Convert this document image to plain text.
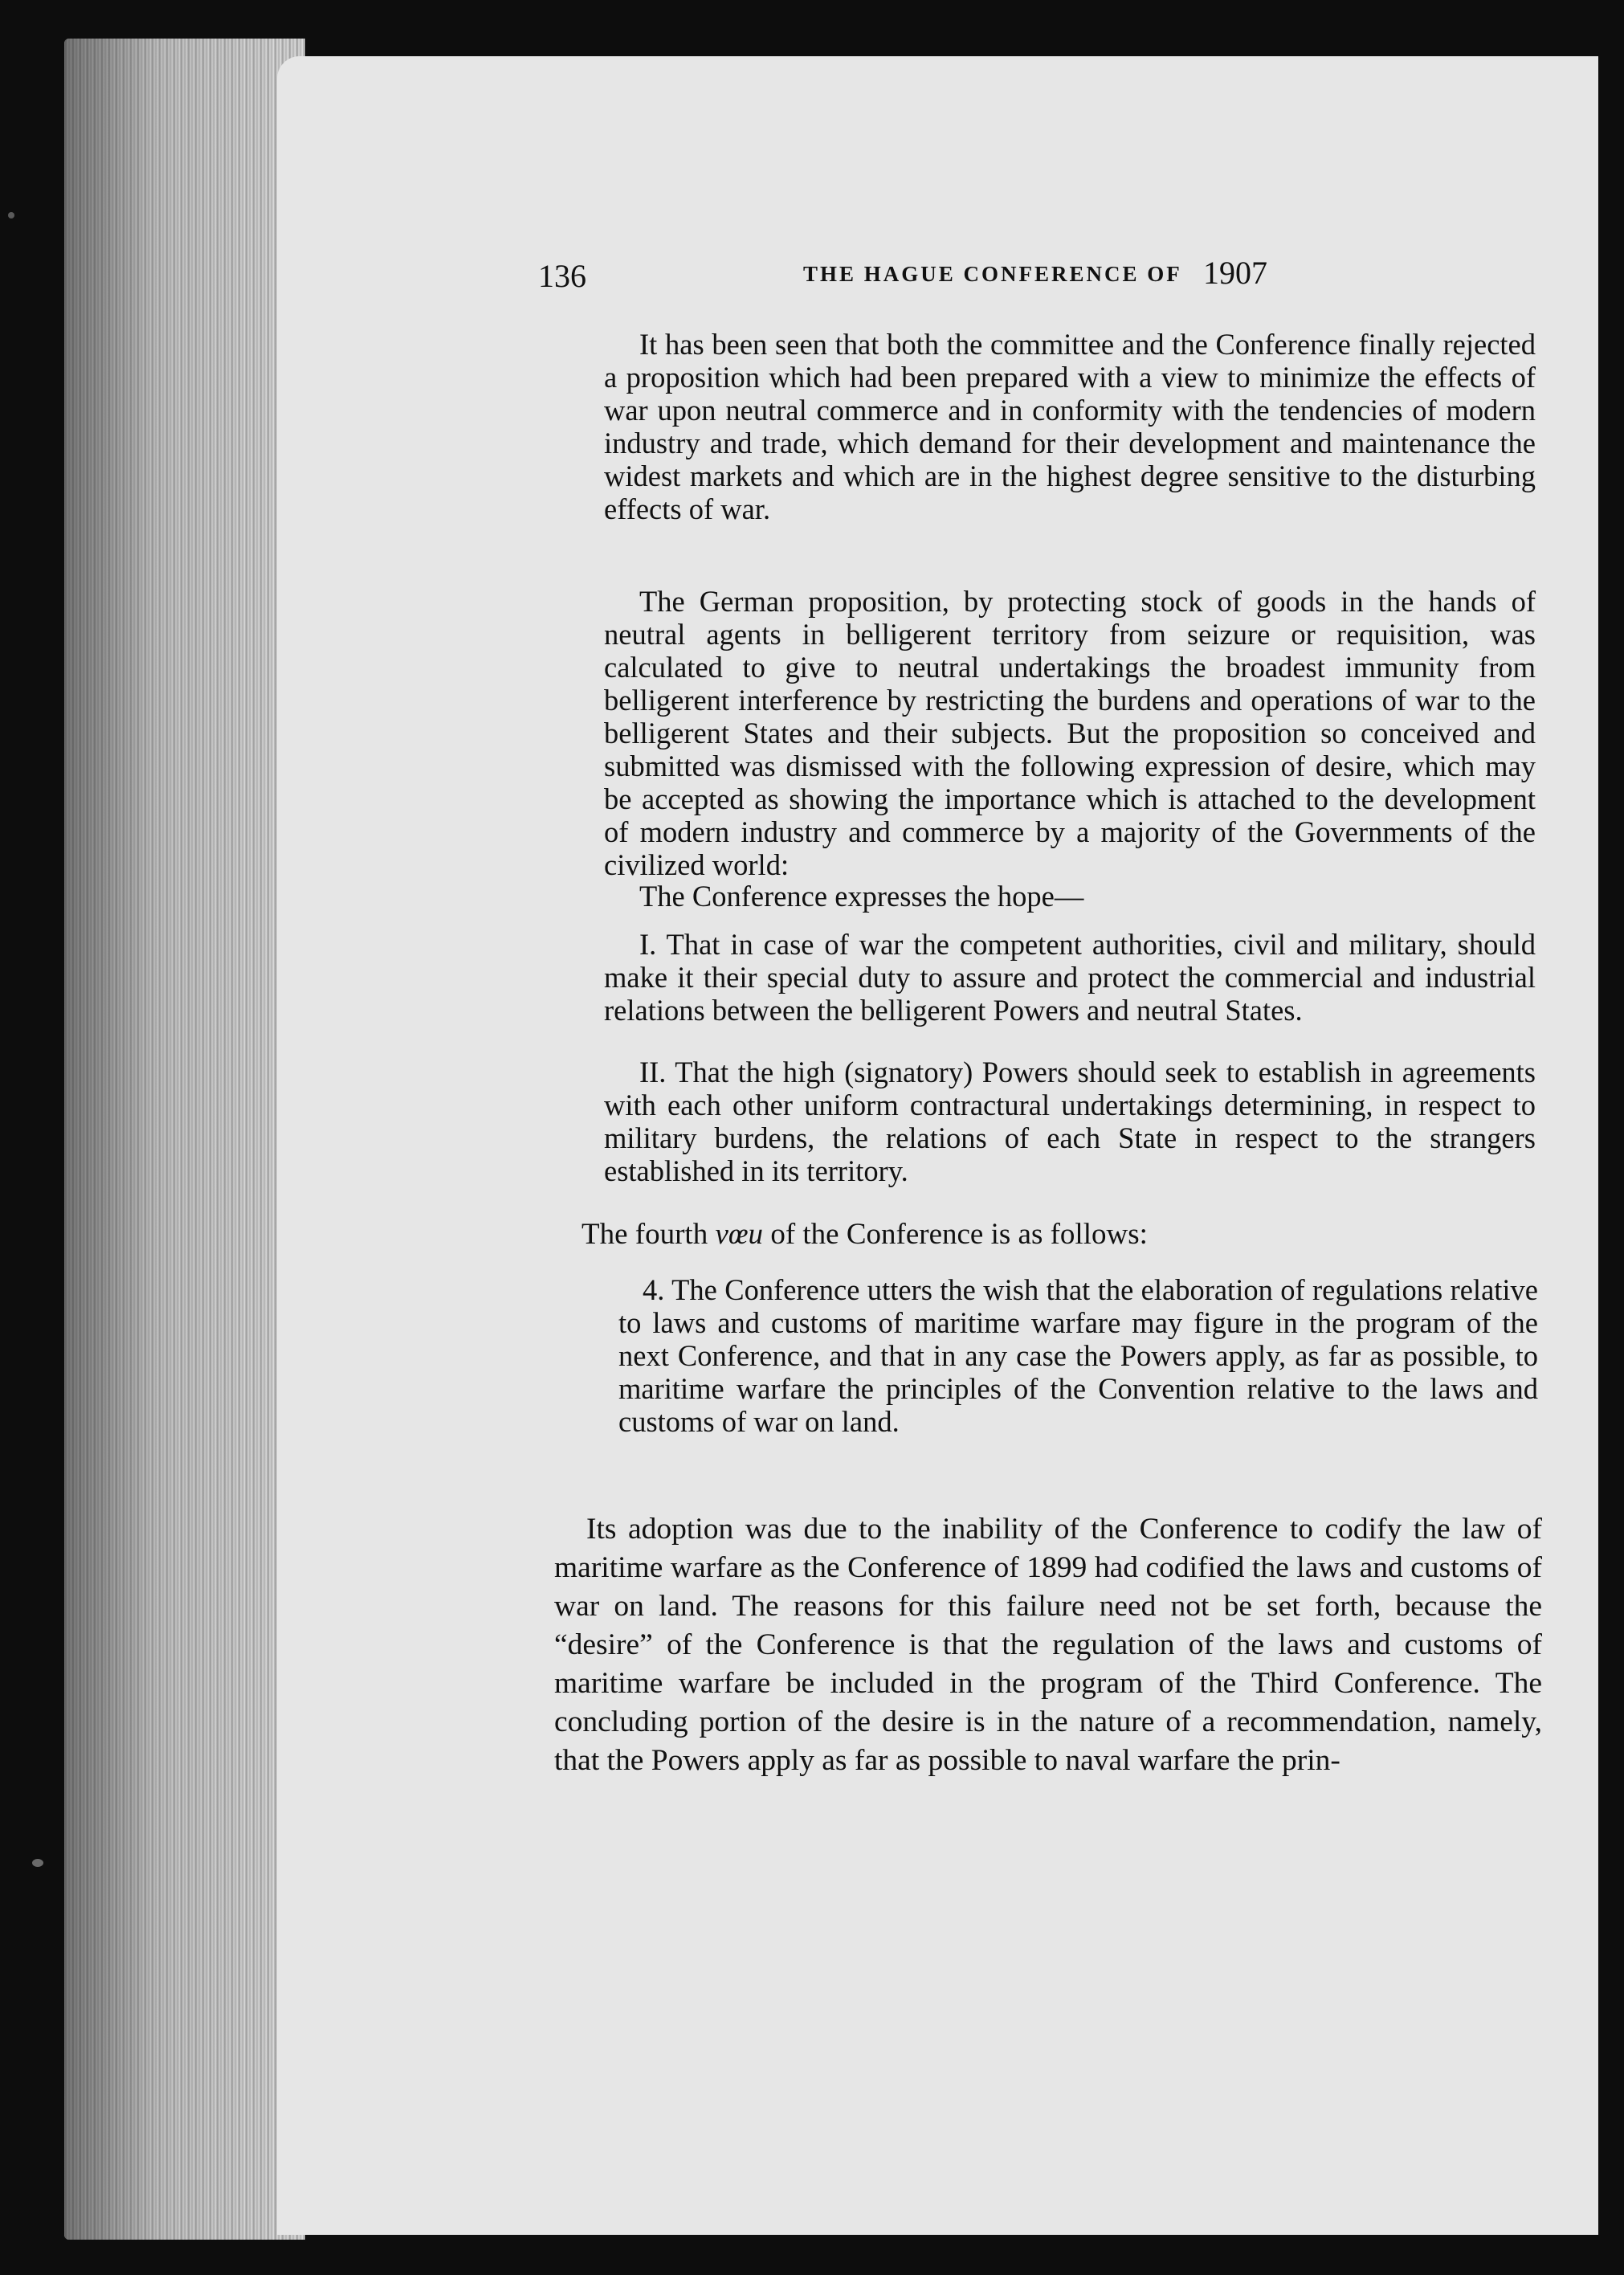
136	THE HAGUE CONFERENCE OF 1907

It has been seen that both the committee and the Conference finally rejected a proposition which had been prepared with a view to minimize the effects of war upon neutral commerce and in conformity with the tendencies of modern industry and trade, which demand for their development and maintenance the widest markets and which are in the highest degree sensitive to the disturbing effects of war.

The German proposition, by protecting stock of goods in the hands of neutral agents in belligerent territory from seizure or requisition, was calculated to give to neutral undertakings the broadest immunity from belligerent interference by restricting the burdens and operations of war to the belligerent States and their subjects. But the proposition so conceived and submitted was dismissed with the following expression of desire, which may be accepted as showing the importance which is attached to the development of modern industry and commerce by a majority of the Governments of the civilized world:

The Conference expresses the hope—

I. That in case of war the competent authorities, civil and military, should make it their special duty to assure and protect the commercial and industrial relations between the belligerent Powers and neutral States.

II. That the high (signatory) Powers should seek to establish in agreements with each other uniform contractural undertakings determining, in respect to military burdens, the relations of each State in respect to the strangers established in its territory.

The fourth vœu of the Conference is as follows:

4. The Conference utters the wish that the elaboration of regulations relative to laws and customs of maritime warfare may figure in the program of the next Conference, and that in any case the Powers apply, as far as possible, to maritime warfare the principles of the Convention relative to the laws and customs of war on land.

Its adoption was due to the inability of the Conference to codify the law of maritime warfare as the Conference of 1899 had codified the laws and customs of war on land. The reasons for this failure need not be set forth, because the “desire” of the Conference is that the regulation of the laws and customs of maritime warfare be included in the program of the Third Conference. The concluding portion of the desire is in the nature of a recommendation, namely, that the Powers apply as far as possible to naval warfare the prin-
